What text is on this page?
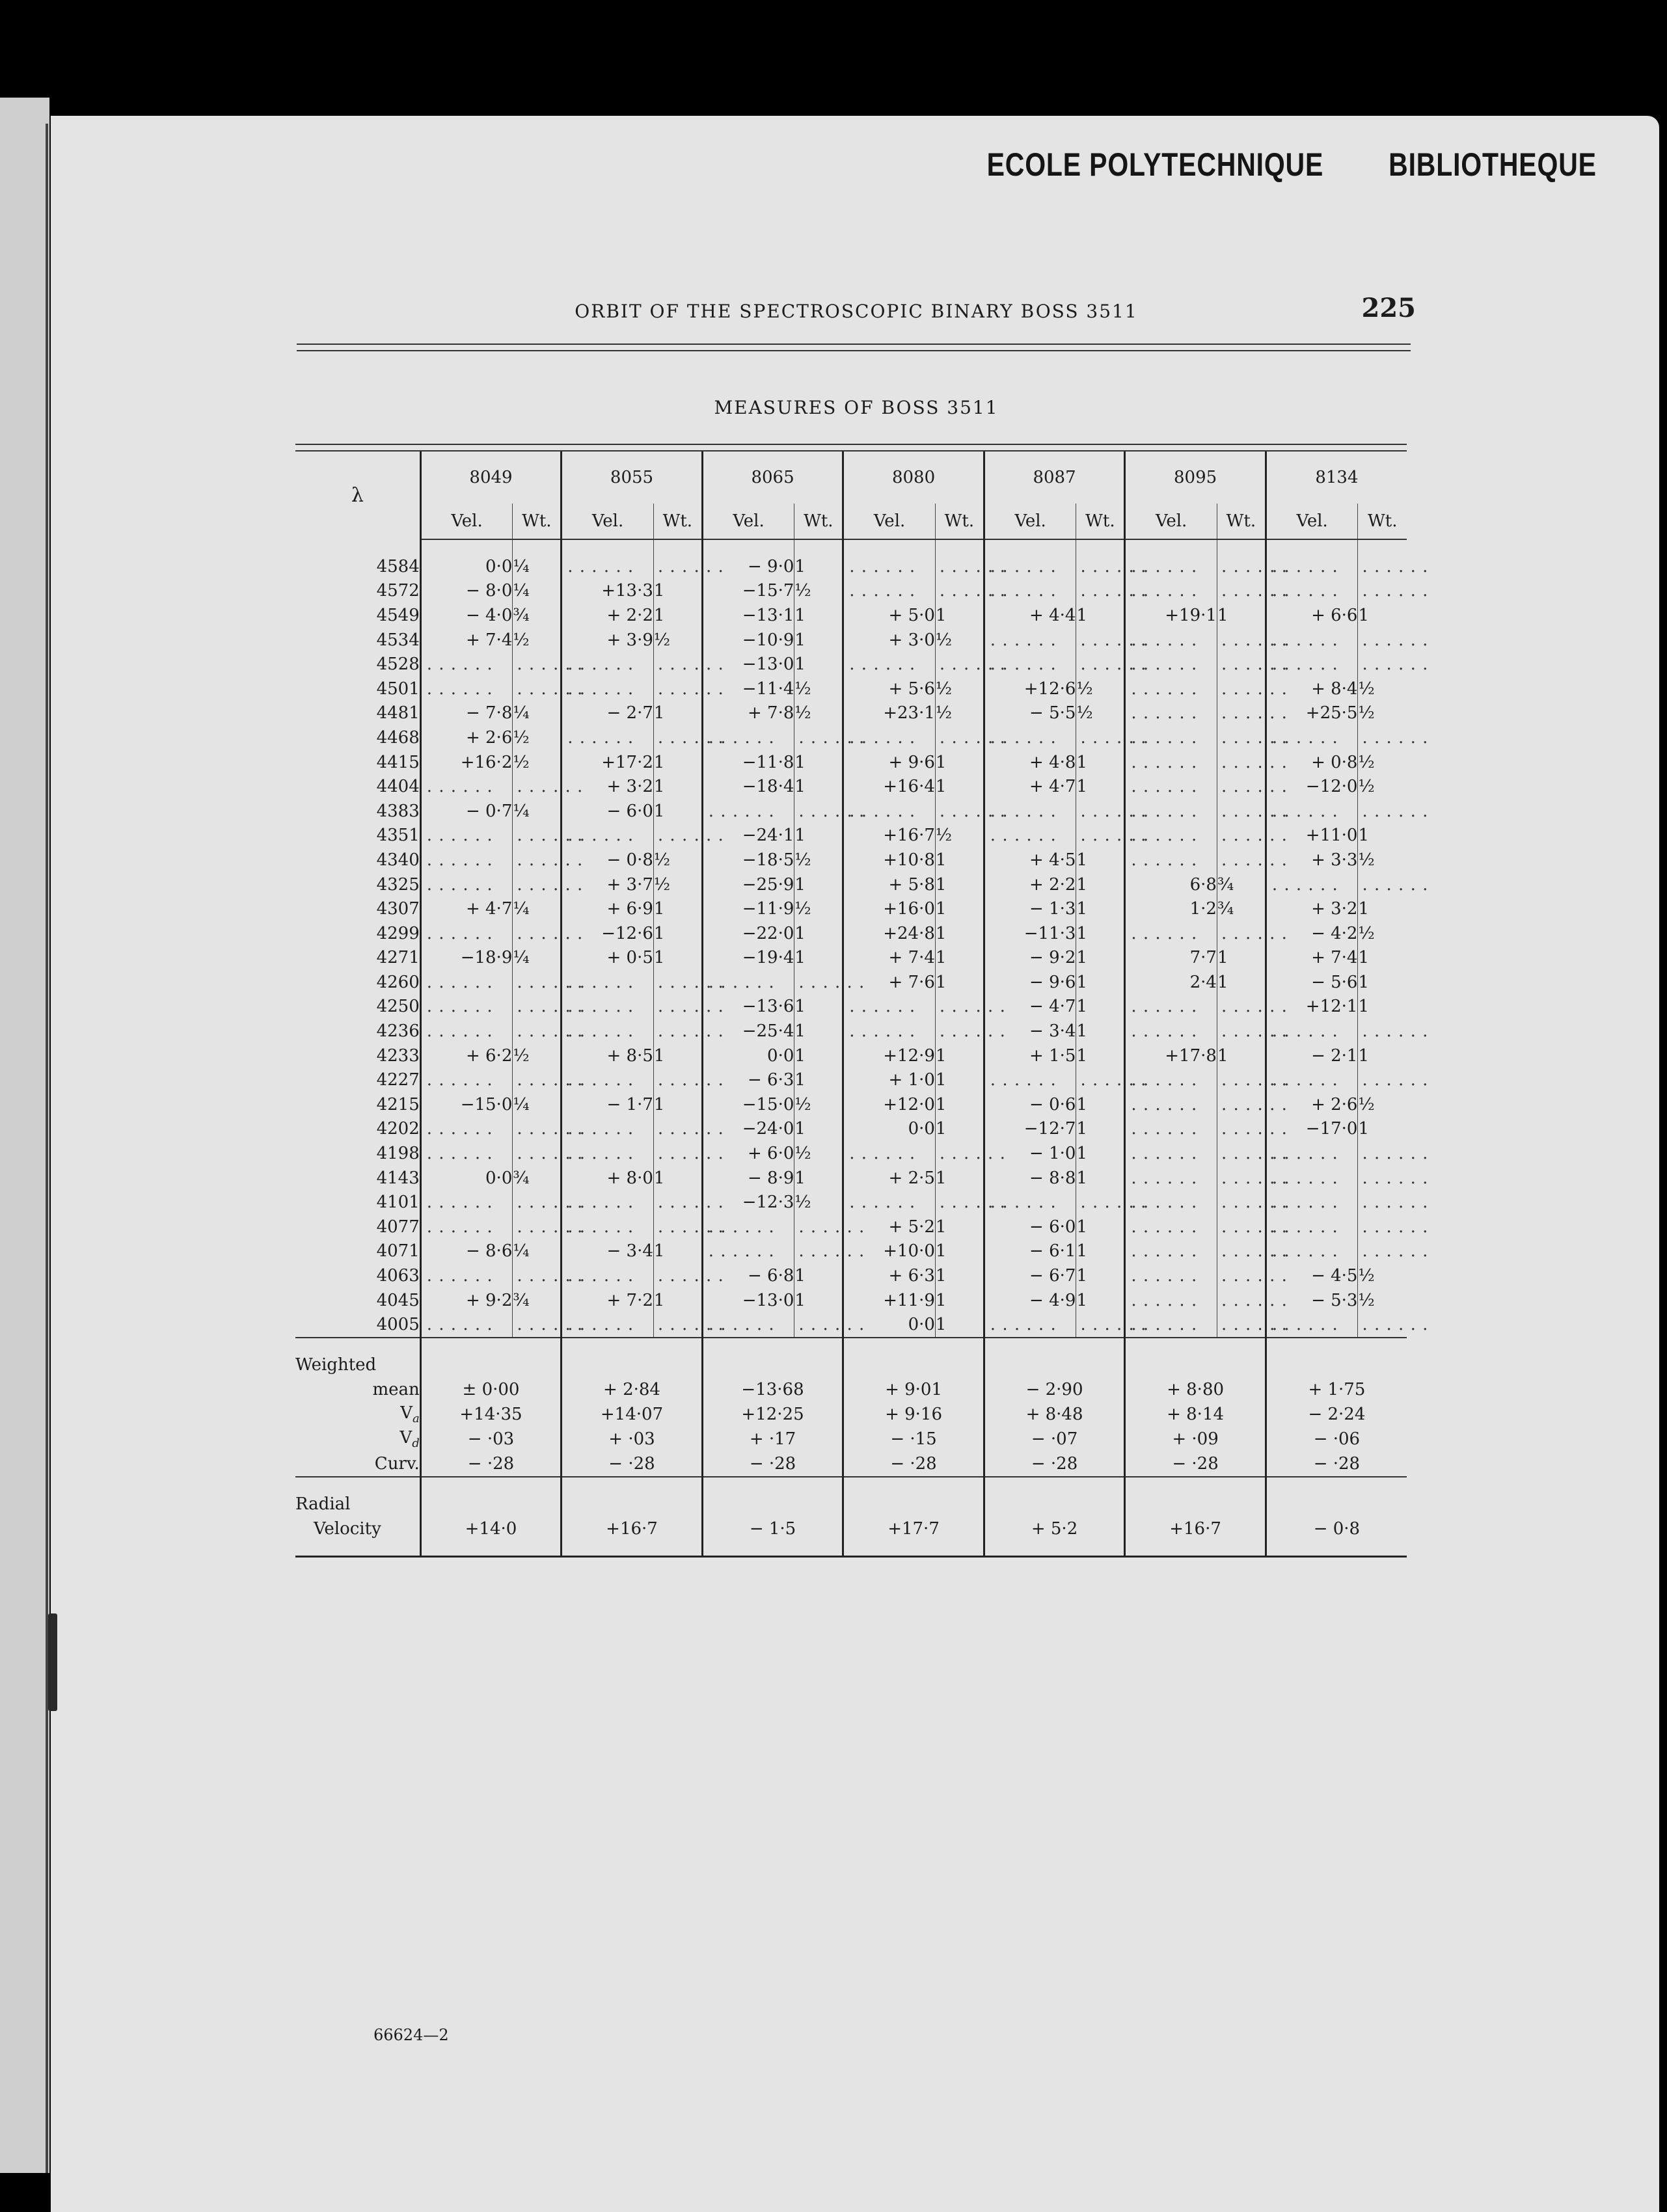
ECOLE POLYTECHNIQUE BIBLIOTHEQUE
ORBIT OF THE SPECTROSCOPIC BINARY BOSS 3511	225
MEASURES OF BOSS 3511
λ	8049		8055		8065		8080		8087		8095		8134	
	Vel.	Wt.	Vel.	Wt.	Vel.	Wt.	Vel.	Wt.	Vel.	Wt.	Vel.	Wt.	Vel.	Wt.

4584	0·0	¼	. . .	. . .	− 9·0	1	. . .	. . .	. . .	. . .	. . .	. . .	. . .	. . .
4572	− 8·0	¼	+13·3	1	−15·7	½	. . .	. . .	. . .	. . .	. . .	. . .	. . .	. . .
4549	− 4·0	¾	+ 2·2	1	−13·1	1	+ 5·0	1	+ 4·4	1	+19·1	1	+ 6·6	1
4534	+ 7·4	½	+ 3·9	½	−10·9	1	+ 3·0	½	. . .	. . .	. . .	. . .	. . .	. . .
4528	. . .	. . .	. . .	. . .	−13·0	1	. . .	. . .	. . .	. . .	. . .	. . .	. . .	. . .
4501	. . .	. . .	. . .	. . .	−11·4	½	+ 5·6	½	+12·6	½	. . .	. . .	+ 8·4	½
4481	− 7·8	¼	− 2·7	1	+ 7·8	½	+23·1	½	− 5·5	½	. . .	. . .	+25·5	½
4468	+ 2·6	½	. . .	. . .	. . .	. . .	. . .	. . .	. . .	. . .	. . .	. . .	. . .	. . .
4415	+16·2	½	+17·2	1	−11·8	1	+ 9·6	1	+ 4·8	1	. . .	. . .	+ 0·8	½
4404	. . .	. . .	+ 3·2	1	−18·4	1	+16·4	1	+ 4·7	1	. . .	. . .	−12·0	½
4383	− 0·7	¼	− 6·0	1	. . .	. . .	. . .	. . .	. . .	. . .	. . .	. . .	. . .	. . .
4351	. . .	. . .	. . .	. . .	−24·1	1	+16·7	½	. . .	. . .	. . .	. . .	+11·0	1
4340	. . .	. . .	− 0·8	½	−18·5	½	+10·8	1	+ 4·5	1	. . .	. . .	+ 3·3	½
4325	. . .	. . .	+ 3·7	½	−25·9	1	+ 5·8	1	+ 2·2	1	6·8	¾	. . .	. . .
4307	+ 4·7	¼	+ 6·9	1	−11·9	½	+16·0	1	− 1·3	1	1·2	¾	+ 3·2	1
4299	. . .	. . .	−12·6	1	−22·0	1	+24·8	1	−11·3	1	. . .	. . .	− 4·2	½
4271	−18·9	¼	+ 0·5	1	−19·4	1	+ 7·4	1	− 9·2	1	7·7	1	+ 7·4	1
4260	. . .	. . .	. . .	. . .	. . .	. . .	+ 7·6	1	− 9·6	1	2·4	1	− 5·6	1
4250	. . .	. . .	. . .	. . .	−13·6	1	. . .	. . .	− 4·7	1	. . .	. . .	+12·1	1
4236	. . .	. . .	. . .	. . .	−25·4	1	. . .	. . .	− 3·4	1	. . .	. . .	. . .	. . .
4233	+ 6·2	½	+ 8·5	1	0·0	1	+12·9	1	+ 1·5	1	+17·8	1	− 2·1	1
4227	. . .	. . .	. . .	. . .	− 6·3	1	+ 1·0	1	. . .	. . .	. . .	. . .	. . .	. . .
4215	−15·0	¼	− 1·7	1	−15·0	½	+12·0	1	− 0·6	1	. . .	. . .	+ 2·6	½
4202	. . .	. . .	. . .	. . .	−24·0	1	0·0	1	−12·7	1	. . .	. . .	−17·0	1
4198	. . .	. . .	. . .	. . .	+ 6·0	½	. . .	. . .	− 1·0	1	. . .	. . .	. . .	. . .
4143	0·0	¾	+ 8·0	1	− 8·9	1	+ 2·5	1	− 8·8	1	. . .	. . .	. . .	. . .
4101	. . .	. . .	. . .	. . .	−12·3	½	. . .	. . .	. . .	. . .	. . .	. . .	. . .	. . .
4077	. . .	. . .	. . .	. . .	. . .	. . .	+ 5·2	1	− 6·0	1	. . .	. . .	. . .	. . .
4071	− 8·6	¼	− 3·4	1	. . .	. . .	+10·0	1	− 6·1	1	. . .	. . .	. . .	. . .
4063	. . .	. . .	. . .	. . .	− 6·8	1	+ 6·3	1	− 6·7	1	. . .	. . .	− 4·5	½
4045	+ 9·2	¾	+ 7·2	1	−13·0	1	+11·9	1	− 4·9	1	. . .	. . .	− 5·3	½
4005	. . .	. . .	. . .	. . .	. . .	. . .	0·0	1	. . .	. . .	. . .	. . .	. . .	. . .

Weighted														
mean	± 0·00		+ 2·84		−13·68		+ 9·01		− 2·90		+ 8·80		+ 1·75	
$V_a$	+14·35		+14·07		+12·25		+ 9·16		+ 8·48		+ 8·14		− 2·24	
$V_d$	− ·03		+ ·03		+ ·17		− ·15		− ·07		+ ·09		− ·06	
Curv.	− ·28		− ·28		− ·28		− ·28		− ·28		− ·28		− ·28	

Radial														
Velocity	+14·0		+16·7		− 1·5		+17·7		+ 5·2		+16·7		− 0·8	

66624—2
